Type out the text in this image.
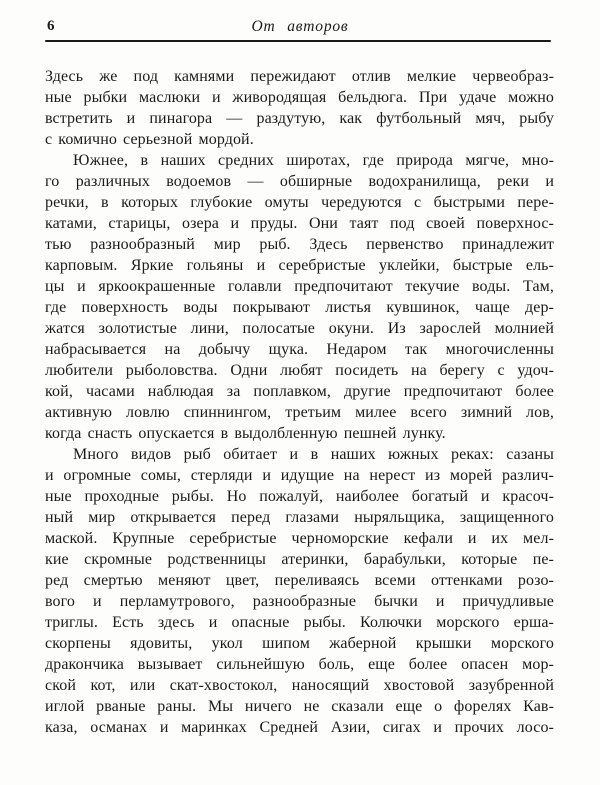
6	От авторов
Здесь же под камнями пережидают отлив мелкие червеобраз-
ные рыбки маслюки и живородящая бельдюга. При удаче можно
встретить и пинагора — раздутую, как футбольный мяч, рыбу
с комично серьезной мордой.
Южнее, в наших средних широтах, где природа мягче, мно-
го различных водоемов — обширные водохранилища, реки и
речки, в которых глубокие омуты чередуются с быстрыми пере-
катами, старицы, озера и пруды. Они таят под своей поверхнос-
тью разнообразный мир рыб. Здесь первенство принадлежит
карповым. Яркие гольяны и серебристые уклейки, быстрые ель-
цы и яркоокрашенные голавли предпочитают текучие воды. Там,
где поверхность воды покрывают листья кувшинок, чаще дер-
жатся золотистые лини, полосатые окуни. Из зарослей молнией
набрасывается на добычу щука. Недаром так многочисленны
любители рыболовства. Одни любят посидеть на берегу с удоч-
кой, часами наблюдая за поплавком, другие предпочитают более
активную ловлю спиннингом, третьим милее всего зимний лов,
когда снасть опускается в выдолбленную пешней лунку.
Много видов рыб обитает и в наших южных реках: сазаны
и огромные сомы, стерляди и идущие на нерест из морей различ-
ные проходные рыбы. Но пожалуй, наиболее богатый и красоч-
ный мир открывается перед глазами ныряльщика, защищенного
маской. Крупные серебристые черноморские кефали и их мел-
кие скромные родственницы атеринки, барабульки, которые пе-
ред смертью меняют цвет, переливаясь всеми оттенками розо-
вого и перламутрового, разнообразные бычки и причудливые
триглы. Есть здесь и опасные рыбы. Колючки морского ерша-
скорпены ядовиты, укол шипом жаберной крышки морского
дракончика вызывает сильнейшую боль, еще более опасен мор-
ской кот, или скат-хвостокол, наносящий хвостовой зазубренной
иглой рваные раны. Мы ничего не сказали еще о форелях Кав-
каза, османах и маринках Средней Азии, сигах и прочих лосо-
